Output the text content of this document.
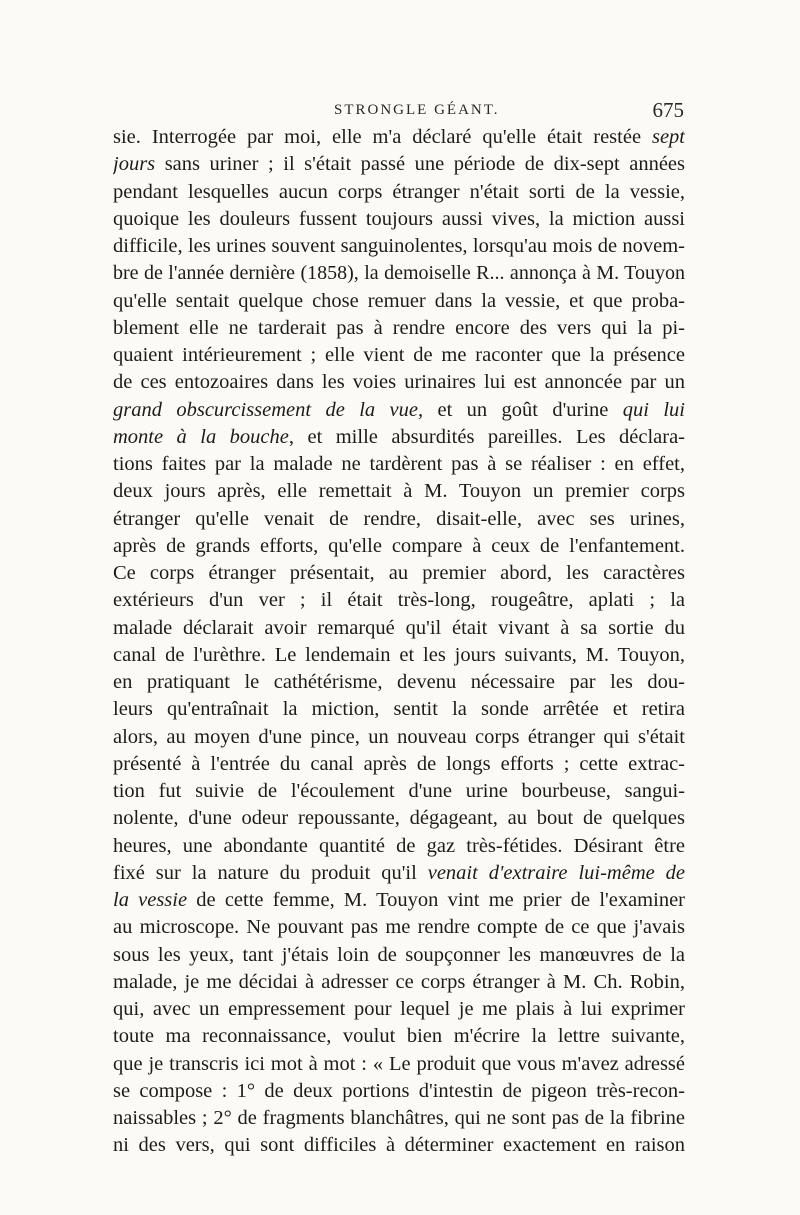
STRONGLE GÉANT.	675
sie. Interrogée par moi, elle m'a déclaré qu'elle était restée sept
jours sans uriner ; il s'était passé une période de dix-sept années
pendant lesquelles aucun corps étranger n'était sorti de la vessie,
quoique les douleurs fussent toujours aussi vives, la miction aussi
difficile, les urines souvent sanguinolentes, lorsqu'au mois de novem-
bre de l'année dernière (1858), la demoiselle R... annonça à M. Touyon
qu'elle sentait quelque chose remuer dans la vessie, et que proba-
blement elle ne tarderait pas à rendre encore des vers qui la pi-
quaient intérieurement ; elle vient de me raconter que la présence
de ces entozoaires dans les voies urinaires lui est annoncée par un
grand obscurcissement de la vue, et un goût d'urine qui lui
monte à la bouche, et mille absurdités pareilles. Les déclara-
tions faites par la malade ne tardèrent pas à se réaliser : en effet,
deux jours après, elle remettait à M. Touyon un premier corps
étranger qu'elle venait de rendre, disait-elle, avec ses urines,
après de grands efforts, qu'elle compare à ceux de l'enfantement.
Ce corps étranger présentait, au premier abord, les caractères
extérieurs d'un ver ; il était très-long, rougeâtre, aplati ; la
malade déclarait avoir remarqué qu'il était vivant à sa sortie du
canal de l'urèthre. Le lendemain et les jours suivants, M. Touyon,
en pratiquant le cathétérisme, devenu nécessaire par les dou-
leurs qu'entraînait la miction, sentit la sonde arrêtée et retira
alors, au moyen d'une pince, un nouveau corps étranger qui s'était
présenté à l'entrée du canal après de longs efforts ; cette extrac-
tion fut suivie de l'écoulement d'une urine bourbeuse, sangui-
nolente, d'une odeur repoussante, dégageant, au bout de quelques
heures, une abondante quantité de gaz très-fétides. Désirant être
fixé sur la nature du produit qu'il venait d'extraire lui-même de
la vessie de cette femme, M. Touyon vint me prier de l'examiner
au microscope. Ne pouvant pas me rendre compte de ce que j'avais
sous les yeux, tant j'étais loin de soupçonner les manœuvres de la
malade, je me décidai à adresser ce corps étranger à M. Ch. Robin,
qui, avec un empressement pour lequel je me plais à lui exprimer
toute ma reconnaissance, voulut bien m'écrire la lettre suivante,
que je transcris ici mot à mot : « Le produit que vous m'avez adressé
se compose : 1° de deux portions d'intestin de pigeon très-recon-
naissables ; 2° de fragments blanchâtres, qui ne sont pas de la fibrine
ni des vers, qui sont difficiles à déterminer exactement en raison
